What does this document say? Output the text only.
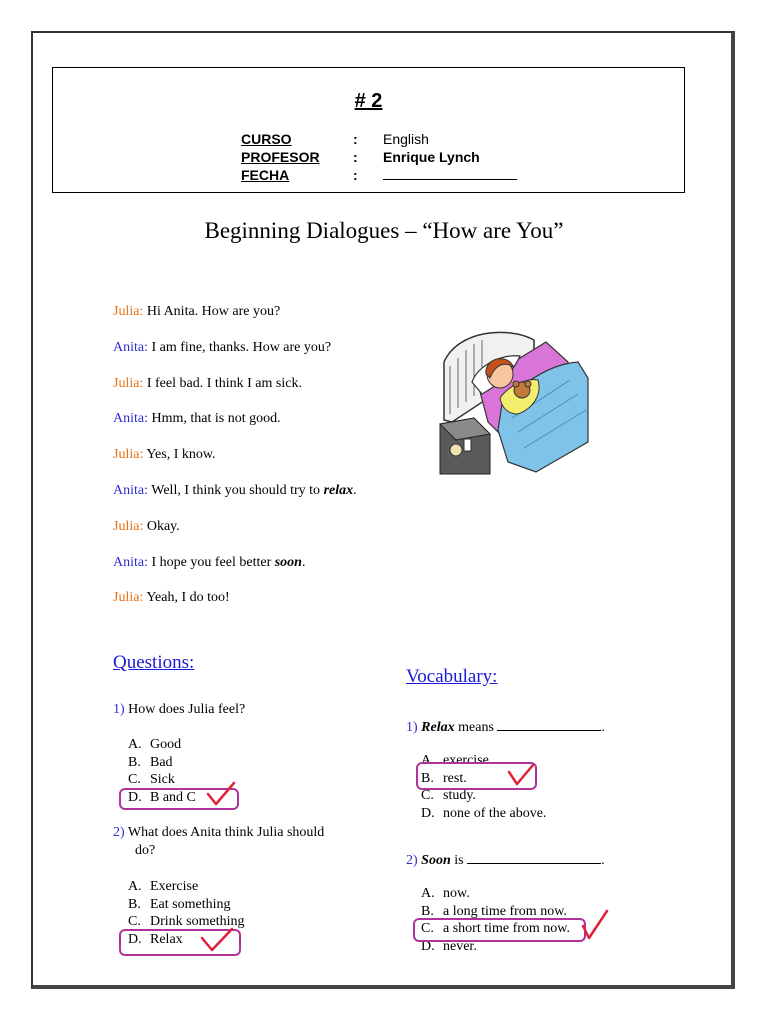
# 2
CURSO	:	English
PROFESOR	:	Enrique Lynch
FECHA	:
Beginning Dialogues – “How are You”
Julia: Hi Anita. How are you?
Anita: I am fine, thanks. How are you?
Julia: I feel bad. I think I am sick.
Anita: Hmm, that is not good.
Julia: Yes, I know.
Anita: Well, I think you should try to relax.
Julia: Okay.
Anita: I hope you feel better soon.
Julia: Yeah, I do too!
Questions:
1) How does Julia feel?
A. Good
B. Bad
C. Sick
D. B and C
2) What does Anita think Julia should
do?
A. Exercise
B. Eat something
C. Drink something
D. Relax
Vocabulary:
1) Relax means	.
A. exercise.
B. rest.
C. study.
D. none of the above.
2) Soon is	.
A. now.
B. a long time from now.
C. a short time from now.
D. never.
